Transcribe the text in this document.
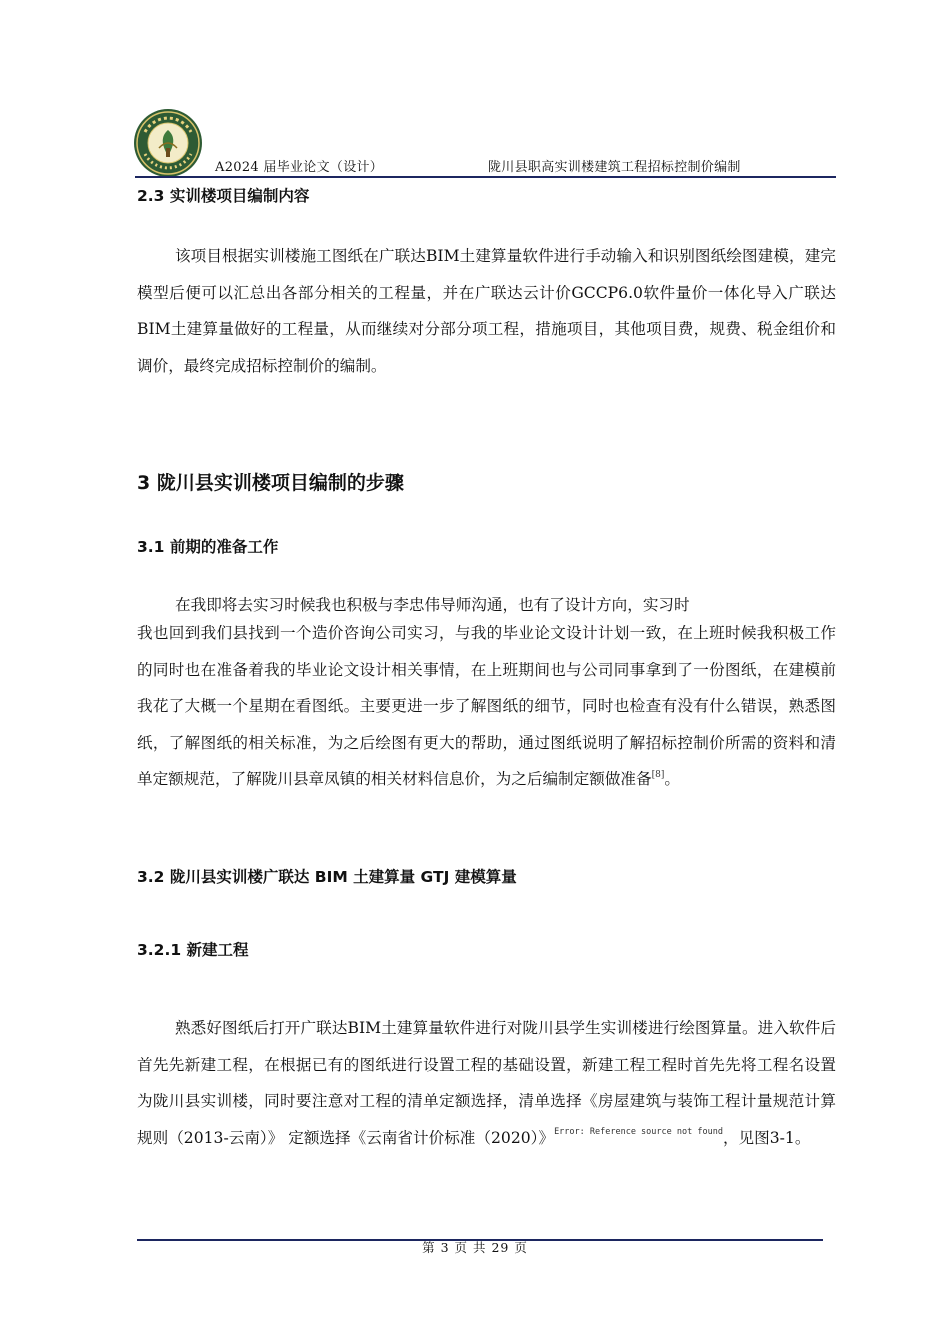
A2024 届毕业论文（设计）	陇川县职高实训楼建筑工程招标控制价编制
2.3 实训楼项目编制内容

该项目根据实训楼施工图纸在广联达BIM土建算量软件进行手动输入和识别图纸绘图建模，建完模型后便可以汇总出各部分相关的工程量，并在广联达云计价GCCP6.0软件量价一体化导入广联达BIM土建算量做好的工程量，从而继续对分部分项工程，措施项目，其他项目费，规费、税金组价和调价，最终完成招标控制价的编制。

3 陇川县实训楼项目编制的步骤
3.1 前期的准备工作
在我即将去实习时候我也积极与李忠伟导师沟通，也有了设计方向，实习时

我也回到我们县找到一个造价咨询公司实习，与我的毕业论文设计计划一致，在上班时候我积极工作的同时也在准备着我的毕业论文设计相关事情，在上班期间也与公司同事拿到了一份图纸，在建模前我花了大概一个星期在看图纸。主要更进一步了解图纸的细节，同时也检查有没有什么错误，熟悉图纸，了解图纸的相关标准，为之后绘图有更大的帮助，通过图纸说明了解招标控制价所需的资料和清单定额规范，了解陇川县章凤镇的相关材料信息价，为之后编制定额做准备[8]。

3.2 陇川县实训楼广联达 BIM 土建算量 GTJ 建模算量
3.2.1 新建工程

熟悉好图纸后打开广联达BIM土建算量软件进行对陇川县学生实训楼进行绘图算量。进入软件后首先先新建工程，在根据已有的图纸进行设置工程的基础设置，新建工程工程时首先先将工程名设置为陇川县实训楼，同时要注意对工程的清单定额选择，清单选择《房屋建筑与装饰工程计量规范计算规则（2013-云南）》 定额选择《云南省计价标准（2020）》$^{Error: Reference source not found}$，见图3-1。

第 3 页 共 29 页
